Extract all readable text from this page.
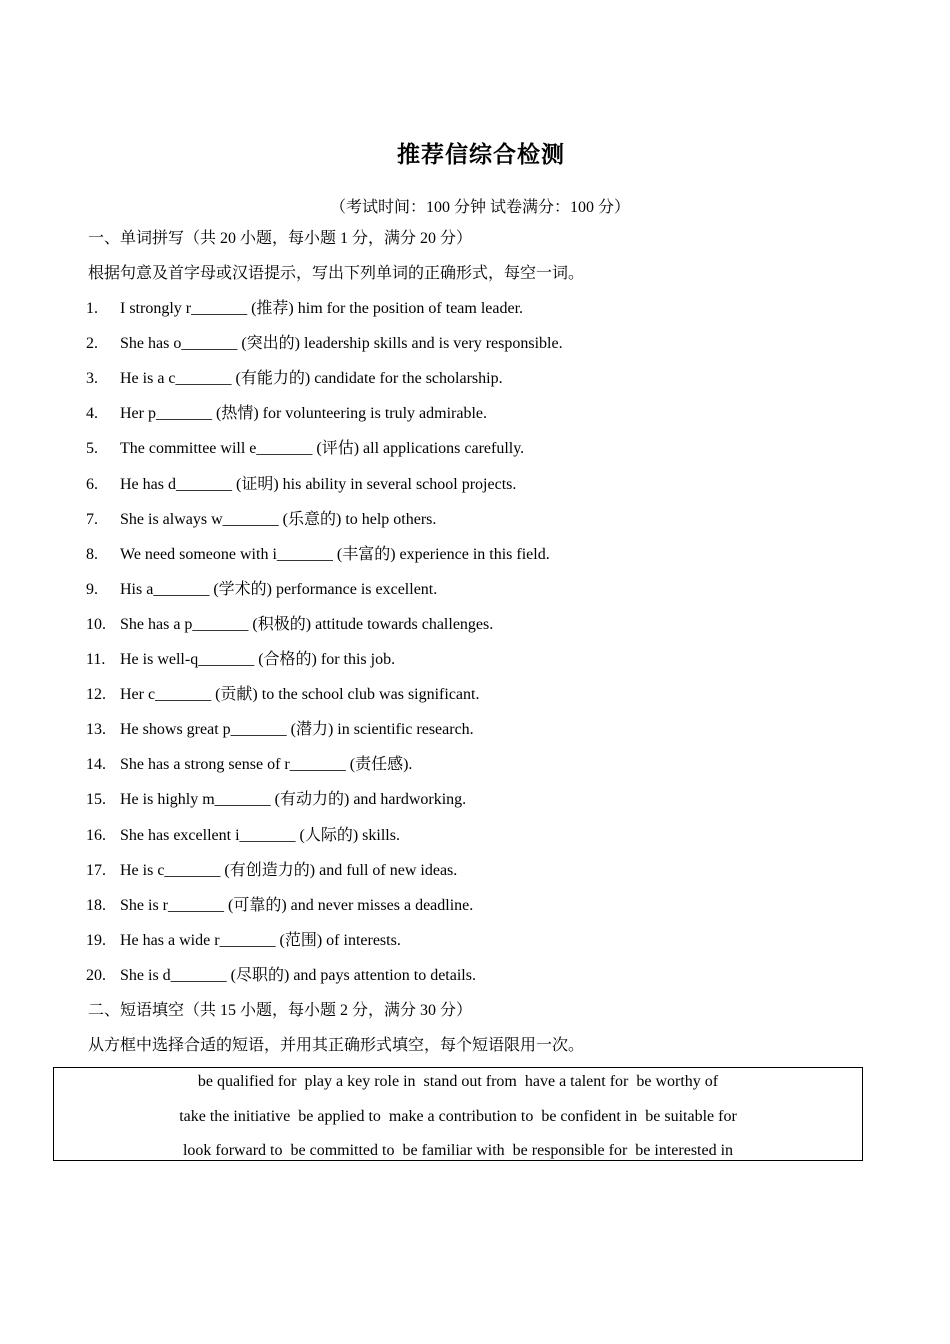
推荐信综合检测
（考试时间：100 分钟 试卷满分：100 分）
一、单词拼写（共 20 小题，每小题 1 分，满分 20 分）
根据句意及首字母或汉语提示，写出下列单词的正确形式，每空一词。
1. I strongly r_______ (推荐) him for the position of team leader.
2. She has o_______ (突出的) leadership skills and is very responsible.
3. He is a c_______ (有能力的) candidate for the scholarship.
4. Her p_______ (热情) for volunteering is truly admirable.
5. The committee will e_______ (评估) all applications carefully.
6. He has d_______ (证明) his ability in several school projects.
7. She is always w_______ (乐意的) to help others.
8. We need someone with i_______ (丰富的) experience in this field.
9. His a_______ (学术的) performance is excellent.
10. She has a p_______ (积极的) attitude towards challenges.
11. He is well-q_______ (合格的) for this job.
12. Her c_______ (贡献) to the school club was significant.
13. He shows great p_______ (潜力) in scientific research.
14. She has a strong sense of r_______ (责任感).
15. He is highly m_______ (有动力的) and hardworking.
16. She has excellent i_______ (人际的) skills.
17. He is c_______ (有创造力的) and full of new ideas.
18. She is r_______ (可靠的) and never misses a deadline.
19. He has a wide r_______ (范围) of interests.
20. She is d_______ (尽职的) and pays attention to details.
二、短语填空（共 15 小题，每小题 2 分，满分 30 分）
从方框中选择合适的短语，并用其正确形式填空，每个短语限用一次。
be qualified for play a key role in stand out from have a talent for be worthy of
take the initiative be applied to make a contribution to be confident in be suitable for
look forward to be committed to be familiar with be responsible for be interested in
